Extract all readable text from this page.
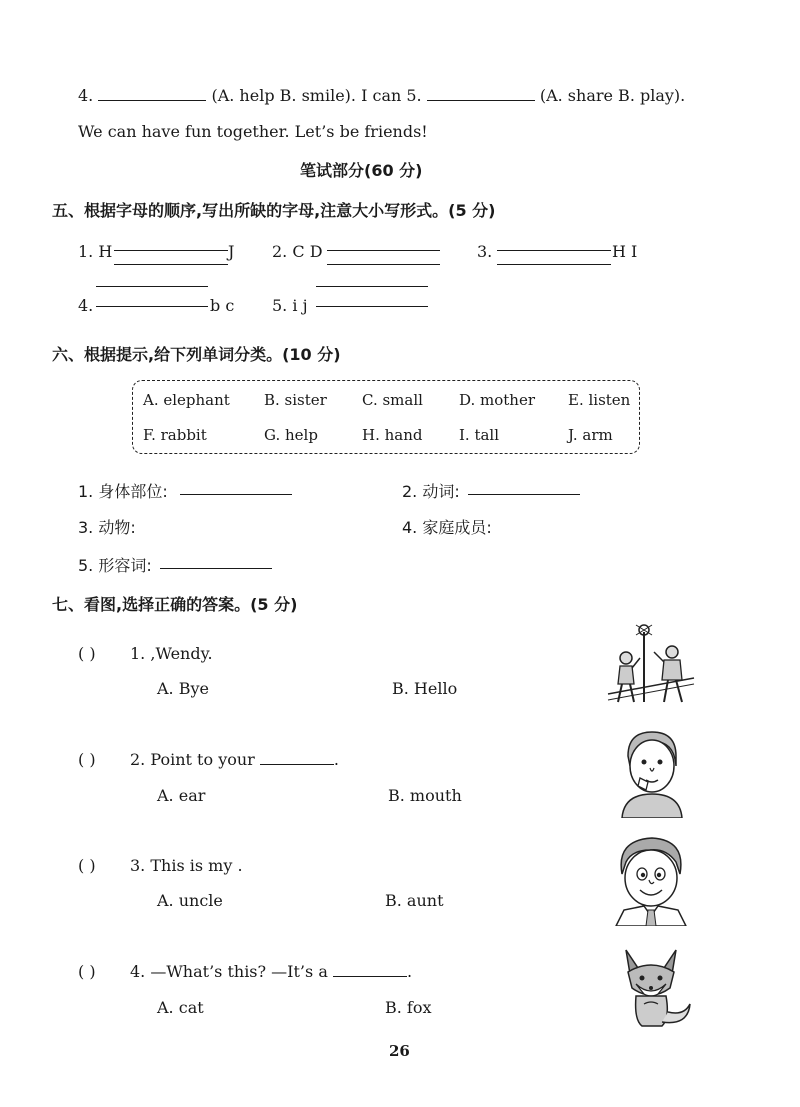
4.	(A. help B. smile). I can 5.	(A. share B. play).
We can have fun together. Let’s be friends!
笔试部分(60 分)
五、根据字母的顺序,写出所缺的字母,注意大小写形式。(5 分)
1. H	J 2. C D	3.	H I
4.	b c 5. i j
六、根据提示,给下列单词分类。(10 分)
A. elephant B. sister C. small D. mother E. listen
F. rabbit	G. help	H. hand I. tall	J. arm
1. 身体部位:	2. 动词:
3. 动物:	4. 家庭成员:
5. 形容词:
七、看图,选择正确的答案。(5 分)
( ) 1. ,Wendy.
A. Bye	B. Hello
( ) 2. Point to your	.
A. ear	B. mouth
( ) 3. This is my .
A. uncle	B. aunt
( ) 4. —What’s this? —It’s a	.
A. cat	B. fox
26
